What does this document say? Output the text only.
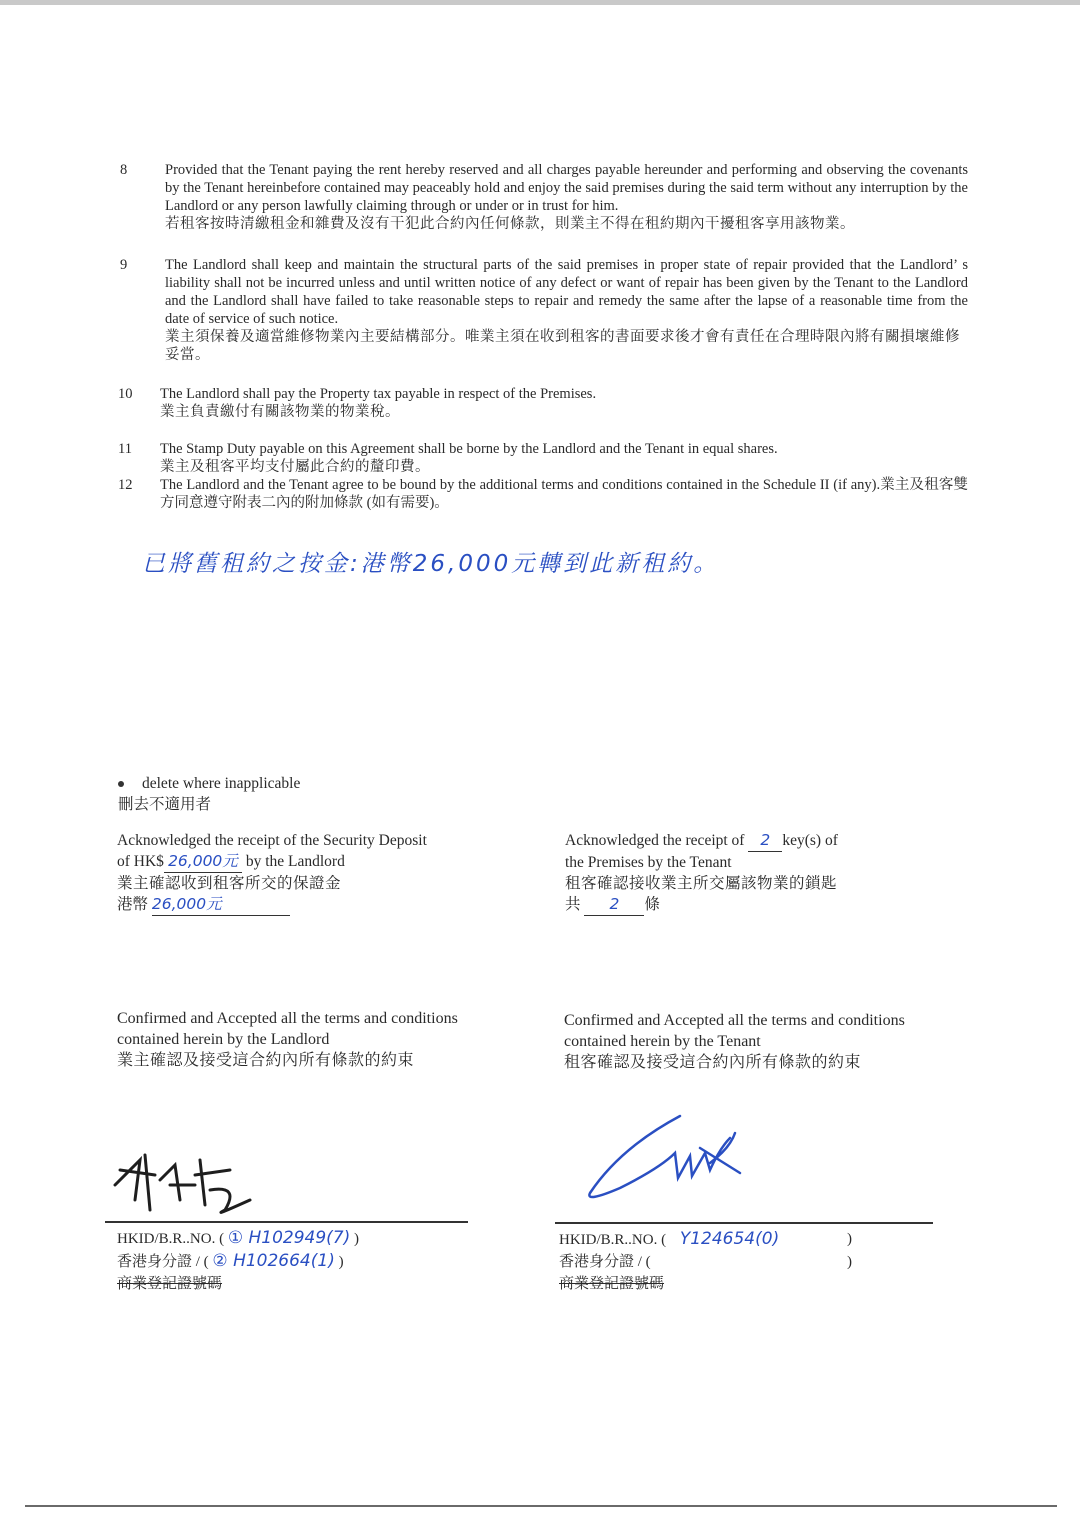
8	Provided that the Tenant paying the rent hereby reserved and all charges payable hereunder and performing and observing the covenants by the Tenant hereinbefore contained may peaceably hold and enjoy the said premises during the said term without any interruption by the Landlord or any person lawfully claiming through or under or in trust for him.
若租客按時清繳租金和雜費及沒有干犯此合約內任何條款，則業主不得在租約期內干擾租客享用該物業。
9	The Landlord shall keep and maintain the structural parts of the said premises in proper state of repair provided that the Landlord’ s liability shall not be incurred unless and until written notice of any defect or want of repair has been given by the Tenant to the Landlord and the Landlord shall have failed to take reasonable steps to repair and remedy the same after the lapse of a reasonable time from the date of service of such notice.
業主須保養及適當維修物業內主要結構部分。唯業主須在收到租客的書面要求後才會有責任在合理時限內將有關損壞維修妥當。
10 The Landlord shall pay the Property tax payable in respect of the Premises.
業主負責繳付有關該物業的物業稅。
11 The Stamp Duty payable on this Agreement shall be borne by the Landlord and the Tenant in equal shares.
業主及租客平均支付屬此合約的釐印費。
12 The Landlord and the Tenant agree to be bound by the additional terms and conditions contained in the Schedule II (if any).業主及租客雙方同意遵守附表二內的附加條款 (如有需要)。
已將舊租約之按金:港幣26,000元轉到此新租約。
delete where inapplicable
刪去不適用者
Acknowledged the receipt of the Security Deposit
of HK$ 26,000元 by the Landlord
業主確認收到租客所交的保證金
港幣 26,000元
Acknowledged the receipt of 2 key(s) of
the Premises by the Tenant
租客確認接收業主所交屬該物業的鎖匙
共 2 條
Confirmed and Accepted all the terms and conditions
contained herein by the Landlord
業主確認及接受這合約內所有條款的約束
Confirmed and Accepted all the terms and conditions
contained herein by the Tenant
租客確認及接受這合約內所有條款的約束
HKID/B.R..NO. ( ① H102949(7) )
香港身分證 / ( ② H102664(1) )
商業登記證號碼
HKID/B.R..NO. ( Y124654(0)	)
香港身分證 / (	)
商業登記證號碼
